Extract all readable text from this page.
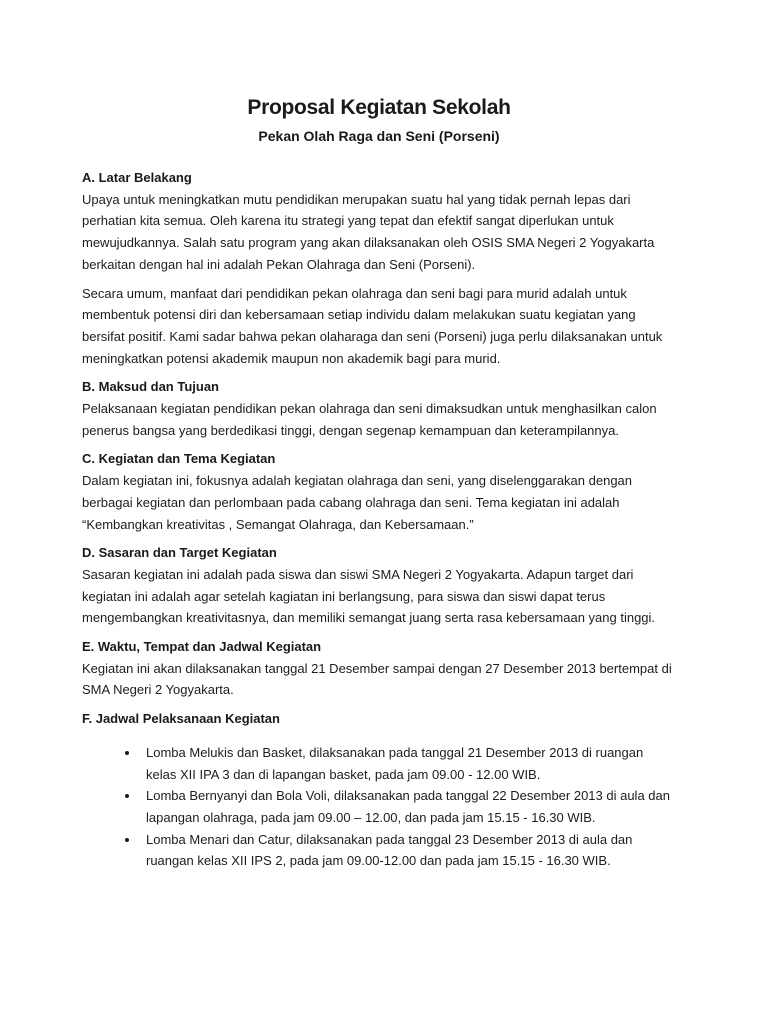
Proposal Kegiatan Sekolah
Pekan Olah Raga dan Seni (Porseni)
A. Latar Belakang

Upaya untuk meningkatkan mutu pendidikan merupakan suatu hal yang tidak pernah lepas dari perhatian kita semua. Oleh karena itu strategi yang tepat dan efektif sangat diperlukan untuk mewujudkannya. Salah satu program yang akan dilaksanakan oleh OSIS SMA Negeri 2 Yogyakarta berkaitan dengan hal ini adalah Pekan Olahraga dan Seni (Porseni).

Secara umum, manfaat dari pendidikan pekan olahraga dan seni bagi para murid adalah untuk membentuk potensi diri dan kebersamaan setiap individu dalam melakukan suatu kegiatan yang bersifat positif. Kami sadar bahwa pekan olaharaga dan seni (Porseni) juga perlu dilaksanakan untuk meningkatkan potensi akademik maupun non akademik bagi para murid.

B. Maksud dan Tujuan

Pelaksanaan kegiatan pendidikan pekan olahraga dan seni dimaksudkan untuk menghasilkan calon penerus bangsa yang berdedikasi tinggi, dengan segenap kemampuan dan keterampilannya.

C. Kegiatan dan Tema Kegiatan

Dalam kegiatan ini, fokusnya adalah kegiatan olahraga dan seni, yang diselenggarakan dengan berbagai kegiatan dan perlombaan pada cabang olahraga dan seni. Tema kegiatan ini adalah “Kembangkan kreativitas , Semangat Olahraga, dan Kebersamaan.”

D. Sasaran dan Target Kegiatan

Sasaran kegiatan ini adalah pada siswa dan siswi SMA Negeri 2 Yogyakarta. Adapun target dari kegiatan ini adalah agar setelah kagiatan ini berlangsung, para siswa dan siswi dapat terus mengembangkan kreativitasnya, dan memiliki semangat juang serta rasa kebersamaan yang tinggi.

E. Waktu, Tempat dan Jadwal Kegiatan

Kegiatan ini akan dilaksanakan tanggal 21 Desember sampai dengan 27 Desember 2013 bertempat di SMA Negeri 2 Yogyakarta.

F. Jadwal Pelaksanaan Kegiatan
• Lomba Melukis dan Basket, dilaksanakan pada tanggal 21 Desember 2013 di ruangan kelas XII IPA 3 dan di lapangan basket, pada jam 09.00 - 12.00 WIB.
• Lomba Bernyanyi dan Bola Voli, dilaksanakan pada tanggal 22 Desember 2013 di aula dan lapangan olahraga, pada jam 09.00 – 12.00, dan pada jam 15.15 - 16.30 WIB.
• Lomba Menari dan Catur, dilaksanakan pada tanggal 23 Desember 2013 di aula dan ruangan kelas XII IPS 2, pada jam 09.00-12.00 dan pada jam 15.15 - 16.30 WIB.
